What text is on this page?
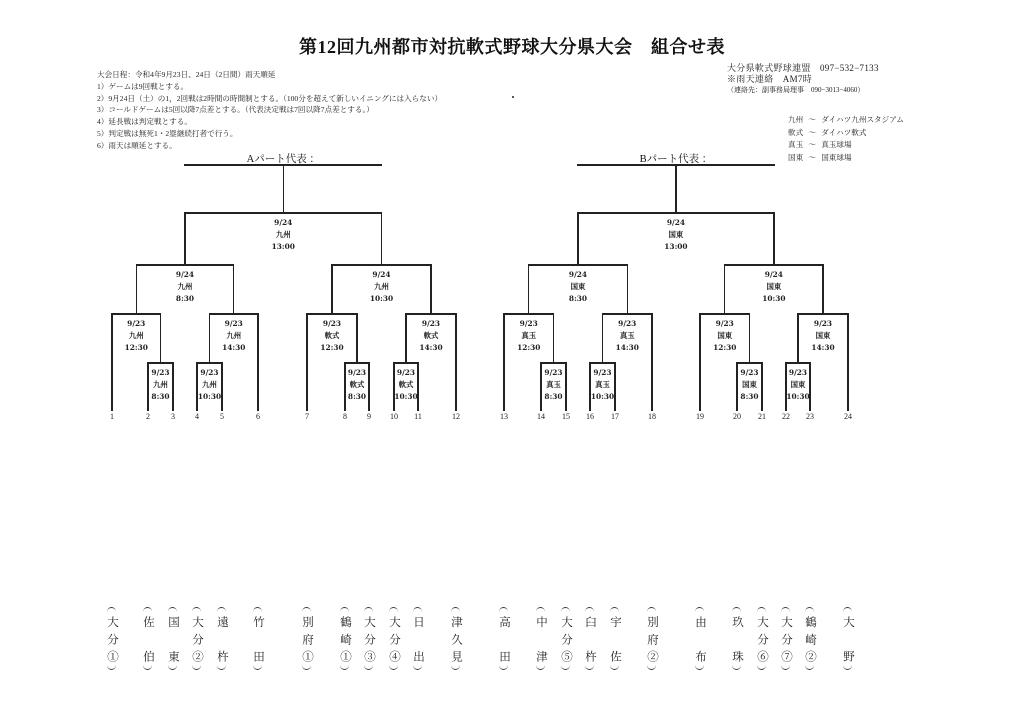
第12回九州都市対抗軟式野球大分県大会　組合せ表
大会日程：令和4年9月23日、24日（2日間）雨天順延
1）ゲームは9回戦とする。
2）9月24日（土）の1，2回戦は2時間の時間制とする。（100分を超えて新しいイニングには入らない）
3）コールドゲームは5回以降7点差とする。（代表決定戦は7回以降7点差とする。）
4）延長戦は判定戦とする。
5）判定戦は無死1・2塁継続打者で行う。
6）雨天は順延とする。
大分県軟式野球連盟　097−532−7133
※雨天連絡　AM7時
（連絡先：副事務局理事　090−3013−4060）
九州 ～ ダイハツ九州スタジアム
軟式 ～ ダイハツ軟式
真玉 ～ 真玉球場
国東 ～ 国東球場
9/23
九州
8:30
9/23
九州
10:30
9/23
九州
12:30
9/23
九州
14:30
9/24
九州
8:30
1
大分①
2
佐伯
3
国東
4
大分②
5
遠杵
6
竹田
9/23
軟式
8:30
9/23
軟式
10:30
9/23
軟式
12:30
9/23
軟式
14:30
9/24
九州
10:30
7
別府①
8
鶴崎①
9
大分③
10
大分④
11
日出
12
津久見
9/24
九州
13:00
Aパート代表 ：
9/23
真玉
8:30
9/23
真玉
10:30
9/23
真玉
12:30
9/23
真玉
14:30
9/24
国東
8:30
13
高田
14
中津
15
大分⑤
16
臼杵
17
宇佐
18
別府②
9/23
国東
8:30
9/23
国東
10:30
9/23
国東
12:30
9/23
国東
14:30
9/24
国東
10:30
19
由布
20
玖珠
21
大分⑥
22
大分⑦
23
鶴崎②
24
大野
9/24
国東
13:00
Bパート代表 ：
